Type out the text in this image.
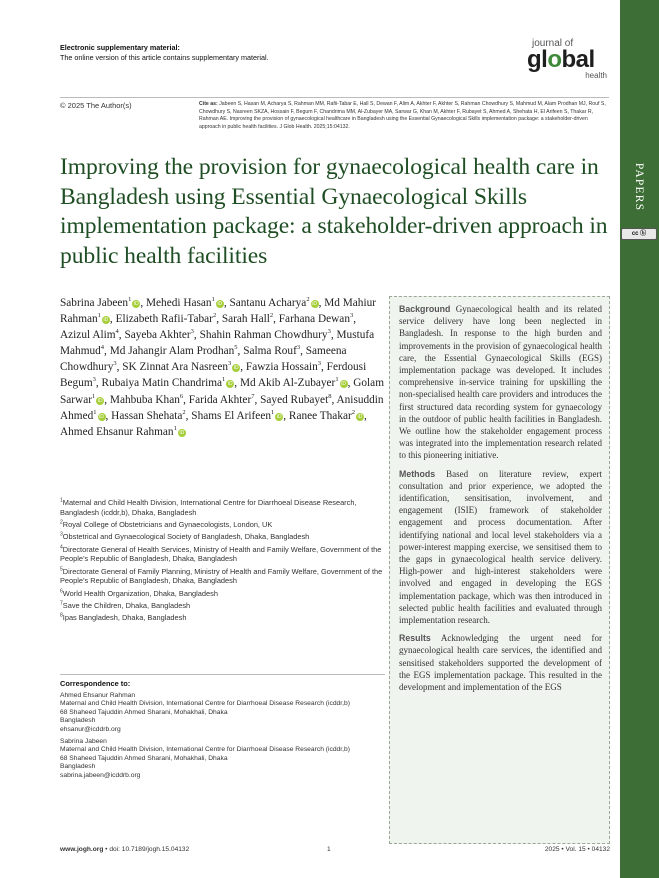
Electronic supplementary material:
The online version of this article contains supplementary material.
journal of
global
health
© 2025 The Author(s)	Cite as: Jabeen S, Hasan M, Acharya S, Rahman MM, Rafii-Tabar E, Hall S, Dewan F, Alim A, Akhter F, Akhter S, Rahman Chowdhury S, Mahmud M, Alam Prodhan MJ, Rouf S, Chowdhury S, Nasreen SKZA, Hossain F, Begum F, Chandrima MM, Al-Zubayer MA, Sarwar G, Khan M, Akhter F, Rubayet S, Ahmed A, Shehata H, El Arifeen S, Thakar R, Rahman AE. Improving the provision of gynaecological healthcare in Bangladesh using the Essential Gynaecological Skills implementation package: a stakeholder-driven approach in public health facilities. J Glob Health. 2025;15:04132.
PAPERS
cc ⓑ
Improving the provision for gynaecological health care in Bangladesh using Essential Gynaecological Skills implementation package: a stakeholder-driven approach in public health facilities
Sabrina Jabeen$^1$iD , Mehedi Hasan$^1$iD , Santanu Acharya$^2$iD , Md Mahiur Rahman$^1$iD , Elizabeth Rafii-Tabar$^2$, Sarah Hall$^2$, Farhana Dewan$^3$, Azizul Alim$^4$, Sayeba Akhter$^3$, Shahin Rahman Chowdhury$^3$, Mustufa Mahmud$^4$, Md Jahangir Alam Prodhan$^5$, Salma Rouf$^3$, Sameena Chowdhury$^3$, SK Zinnat Ara Nasreen$^3$iD , Fawzia Hossain$^3$, Ferdousi Begum$^3$, Rubaiya Matin Chandrima$^1$iD , Md Akib Al-Zubayer$^1$iD , Golam Sarwar$^1$iD , Mahbuba Khan$^6$, Farida Akhter$^7$, Sayed Rubayet$^8$, Anisuddin Ahmed$^1$iD , Hassan Shehata$^2$, Shams El Arifeen$^1$iD , Ranee Thakar$^2$iD , Ahmed Ehsanur Rahman$^1$iD
$^1$Maternal and Child Health Division, International Centre for Diarrhoeal Disease Research, Bangladesh (icddr,b), Dhaka, Bangladesh
$^2$Royal College of Obstetricians and Gynaecologists, London, UK
$^3$Obstetrical and Gynaecological Society of Bangladesh, Dhaka, Bangladesh
$^4$Directorate General of Health Services, Ministry of Health and Family Welfare, Government of the People’s Republic of Bangladesh, Dhaka, Bangladesh
$^5$Directorate General of Family Planning, Ministry of Health and Family Welfare, Government of the People’s Republic of Bangladesh, Dhaka, Bangladesh
$^6$World Health Organization, Dhaka, Bangladesh
$^7$Save the Children, Dhaka, Bangladesh
$^8$Ipas Bangladesh, Dhaka, Bangladesh
Correspondence to:
Ahmed Ehsanur Rahman
Maternal and Child Health Division, International Centre for Diarrhoeal Disease Research (icddr,b)
68 Shaheed Tajuddin Ahmed Sharani, Mohakhali, Dhaka
Bangladesh
ehsanur@icddrb.org
Sabrina Jabeen
Maternal and Child Health Division, International Centre for Diarrhoeal Disease Research (icddr,b)
68 Shaheed Tajuddin Ahmed Sharani, Mohakhali, Dhaka
Bangladesh
sabrina.jabeen@icddrb.org

Background Gynaecological health and its related service delivery have long been neglected in Bangladesh. In response to the high burden and improvements in the provision of gynaecological health care, the Essential Gynaecological Skills (EGS) implementation package was developed. It includes comprehensive in-service training for upskilling the non-specialised health care providers and introduces the first structured data recording system for gynaecology in the outdoor of public health facilities in Bangladesh. We outline how the stakeholder engagement process was integrated into the implementation research related to this pioneering initiative.

Methods Based on literature review, expert consultation and prior experience, we adopted the identification, sensitisation, involvement, and engagement (ISIE) framework of stakeholder engagement and process documentation. After identifying national and local level stakeholders via a power-interest mapping exercise, we sensitised them to the gaps in gynaecological health service delivery. High-power and high-interest stakeholders were involved and engaged in developing the EGS implementation package, which was then introduced in selected public health facilities and evaluated through implementation research.

Results Acknowledging the urgent need for gynaecological health care services, the identified and sensitised stakeholders supported the development of the EGS implementation package. This resulted in the development and implementation of the EGS

www.jogh.org • doi: 10.7189/jogh.15.04132	1	2025 • Vol. 15 • 04132
